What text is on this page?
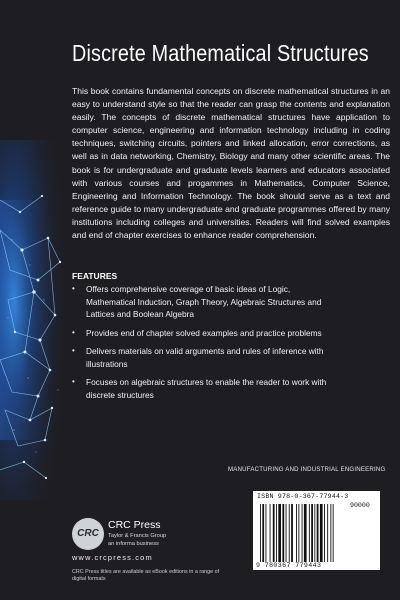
Discrete Mathematical Structures

This book contains fundamental concepts on discrete mathematical structures in an easy to understand style so that the reader can grasp the contents and explanation easily. The concepts of discrete mathematical structures have application to computer science, engineering and information technology including in coding techniques, switching circuits, pointers and linked allocation, error corrections, as well as in data networking, Chemistry, Biology and many other scientific areas. The book is for undergraduate and graduate levels learners and educators associated with various courses and progammes in Mathematics, Computer Science, Engineering and Information Technology. The book should serve as a text and reference guide to many undergraduate and graduate programmes offered by many institutions including colleges and universities. Readers will find solved examples and end of chapter exercises to enhance reader comprehension.

FEATURES
• Offers comprehensive coverage of basic ideas of Logic, Mathematical Induction, Graph Theory, Algebraic Structures and Lattices and Boolean Algebra
• Provides end of chapter solved examples and practice problems
• Delivers materials on valid arguments and rules of inference with illustrations
• Focuses on algebraic structures to enable the reader to work with discrete structures
MANUFACTURING AND INDUSTRIAL ENGINEERING
CRC
CRC Press
Taylor & Francis Group
an informa business
www.crcpress.com
CRC Press titles are available as eBook editions in a range of digital formats
ISBN 978-0-367-77944-3
90000
9 780367 779443
